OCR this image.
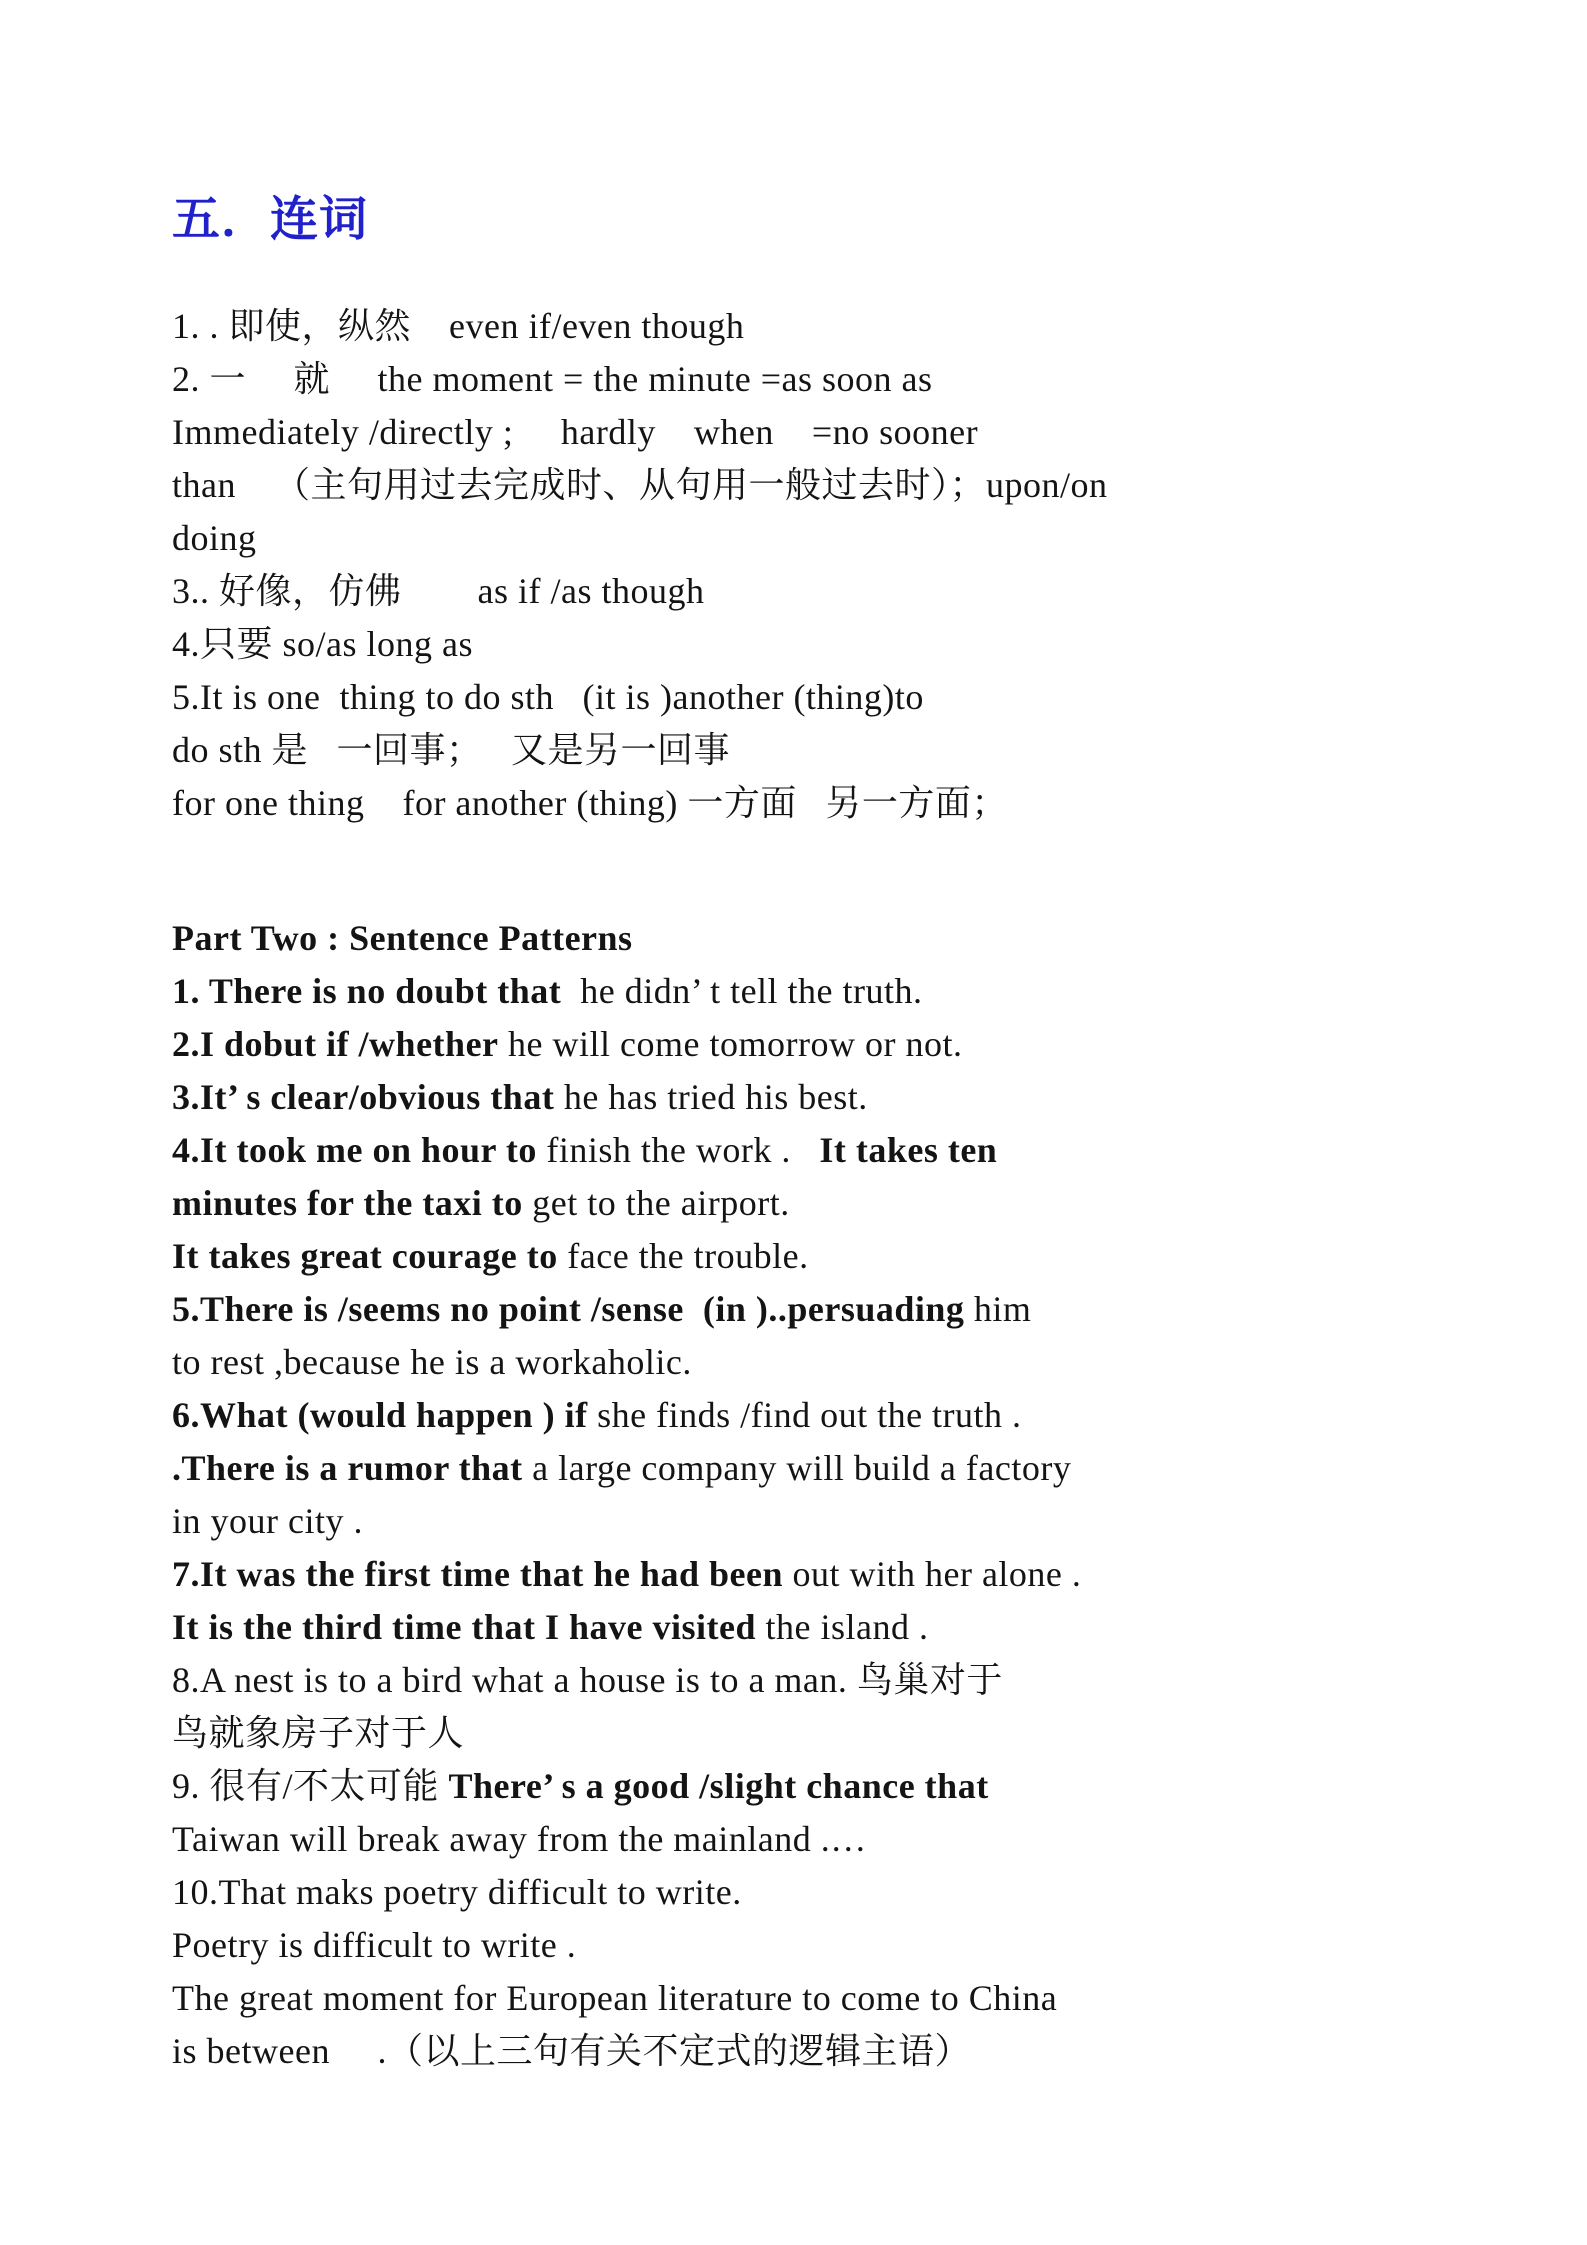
五．连词
1. . 即使，纵然    even if/even though
2. 一     就     the moment = the minute =as soon as
Immediately /directly ;     hardly    when    =no sooner
than    （主句用过去完成时、从句用一般过去时）；upon/on
doing
3.. 好像，仿佛        as if /as though
4.只要 so/as long as
5.It is one  thing to do sth   (it is )another (thing)to
do sth 是   一回事；   又是另一回事
for one thing    for another (thing) 一方面   另一方面；
Part Two : Sentence Patterns
1. There is no doubt that  he didn’ t tell the truth.
2.I dobut if /whether he will come tomorrow or not.
3.It’ s clear/obvious that he has tried his best.
4.It took me on hour to finish the work .   It takes ten
minutes for the taxi to get to the airport.
It takes great courage to face the trouble.
5.There is /seems no point /sense  (in )..persuading him
to rest ,because he is a workaholic.
6.What (would happen ) if she finds /find out the truth .
.There is a rumor that a large company will build a factory
in your city .
7.It was the first time that he had been out with her alone .
It is the third time that I have visited the island .
8.A nest is to a bird what a house is to a man. 鸟巢对于
鸟就象房子对于人
9. 很有/不太可能 There’ s a good /slight chance that
Taiwan will break away from the mainland .…
10.That maks poetry difficult to write.
Poetry is difficult to write .
The great moment for European literature to come to China
is between     .（以上三句有关不定式的逻辑主语）
